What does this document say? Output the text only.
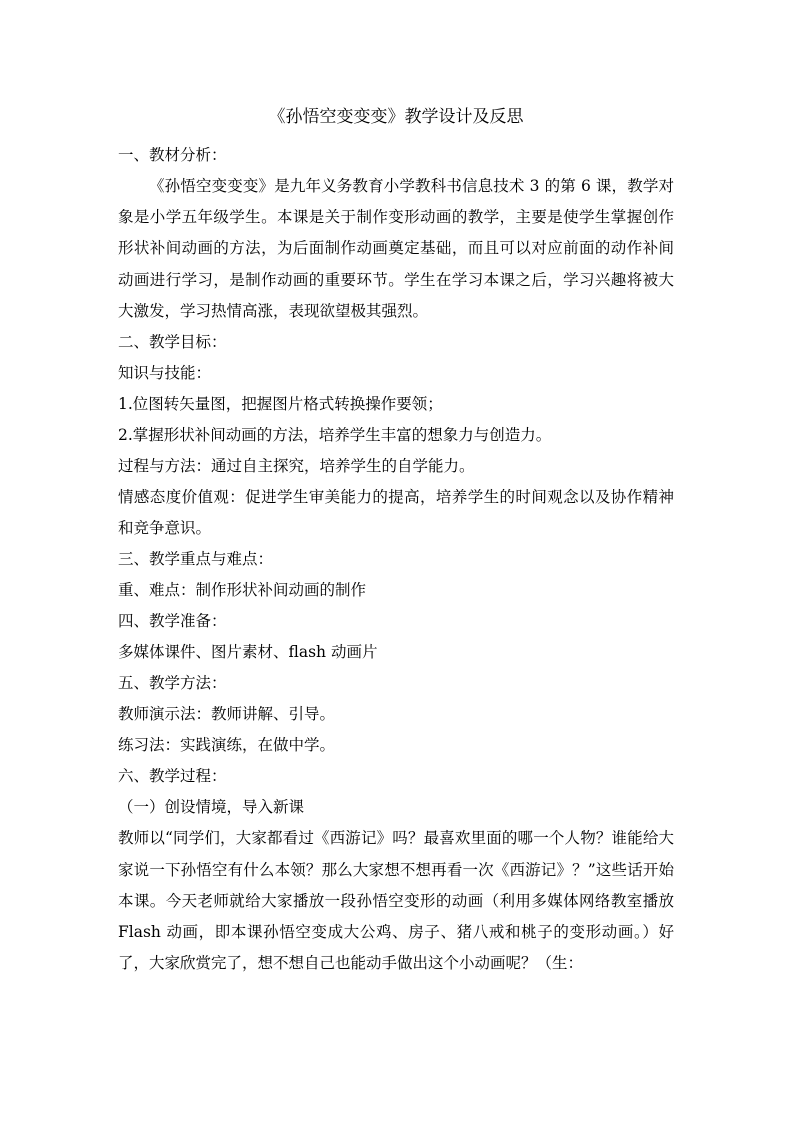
《孙悟空变变变》教学设计及反思

一、教材分析：

《孙悟空变变变》是九年义务教育小学教科书信息技术 3 的第 6 课，教学对象是小学五年级学生。本课是关于制作变形动画的教学，主要是使学生掌握创作形状补间动画的方法，为后面制作动画奠定基础，而且可以对应前面的动作补间动画进行学习，是制作动画的重要环节。学生在学习本课之后，学习兴趣将被大大激发，学习热情高涨，表现欲望极其强烈。

二、教学目标：

知识与技能：

1.位图转矢量图，把握图片格式转换操作要领；

2.掌握形状补间动画的方法，培养学生丰富的想象力与创造力。

过程与方法：通过自主探究，培养学生的自学能力。

情感态度价值观：促进学生审美能力的提高，培养学生的时间观念以及协作精神和竞争意识。

三、教学重点与难点：

重、难点：制作形状补间动画的制作

四、教学准备：

多媒体课件、图片素材、flash 动画片

五、教学方法：

教师演示法：教师讲解、引导。

练习法：实践演练，在做中学。

六、教学过程：

（一）创设情境，导入新课

教师以“同学们，大家都看过《西游记》吗？最喜欢里面的哪一个人物？谁能给大家说一下孙悟空有什么本领？那么大家想不想再看一次《西游记》？”这些话开始本课。今天老师就给大家播放一段孙悟空变形的动画（利用多媒体网络教室播放 Flash 动画，即本课孙悟空变成大公鸡、房子、猪八戒和桃子的变形动画。）好了，大家欣赏完了，想不想自己也能动手做出这个小动画呢？（生：
